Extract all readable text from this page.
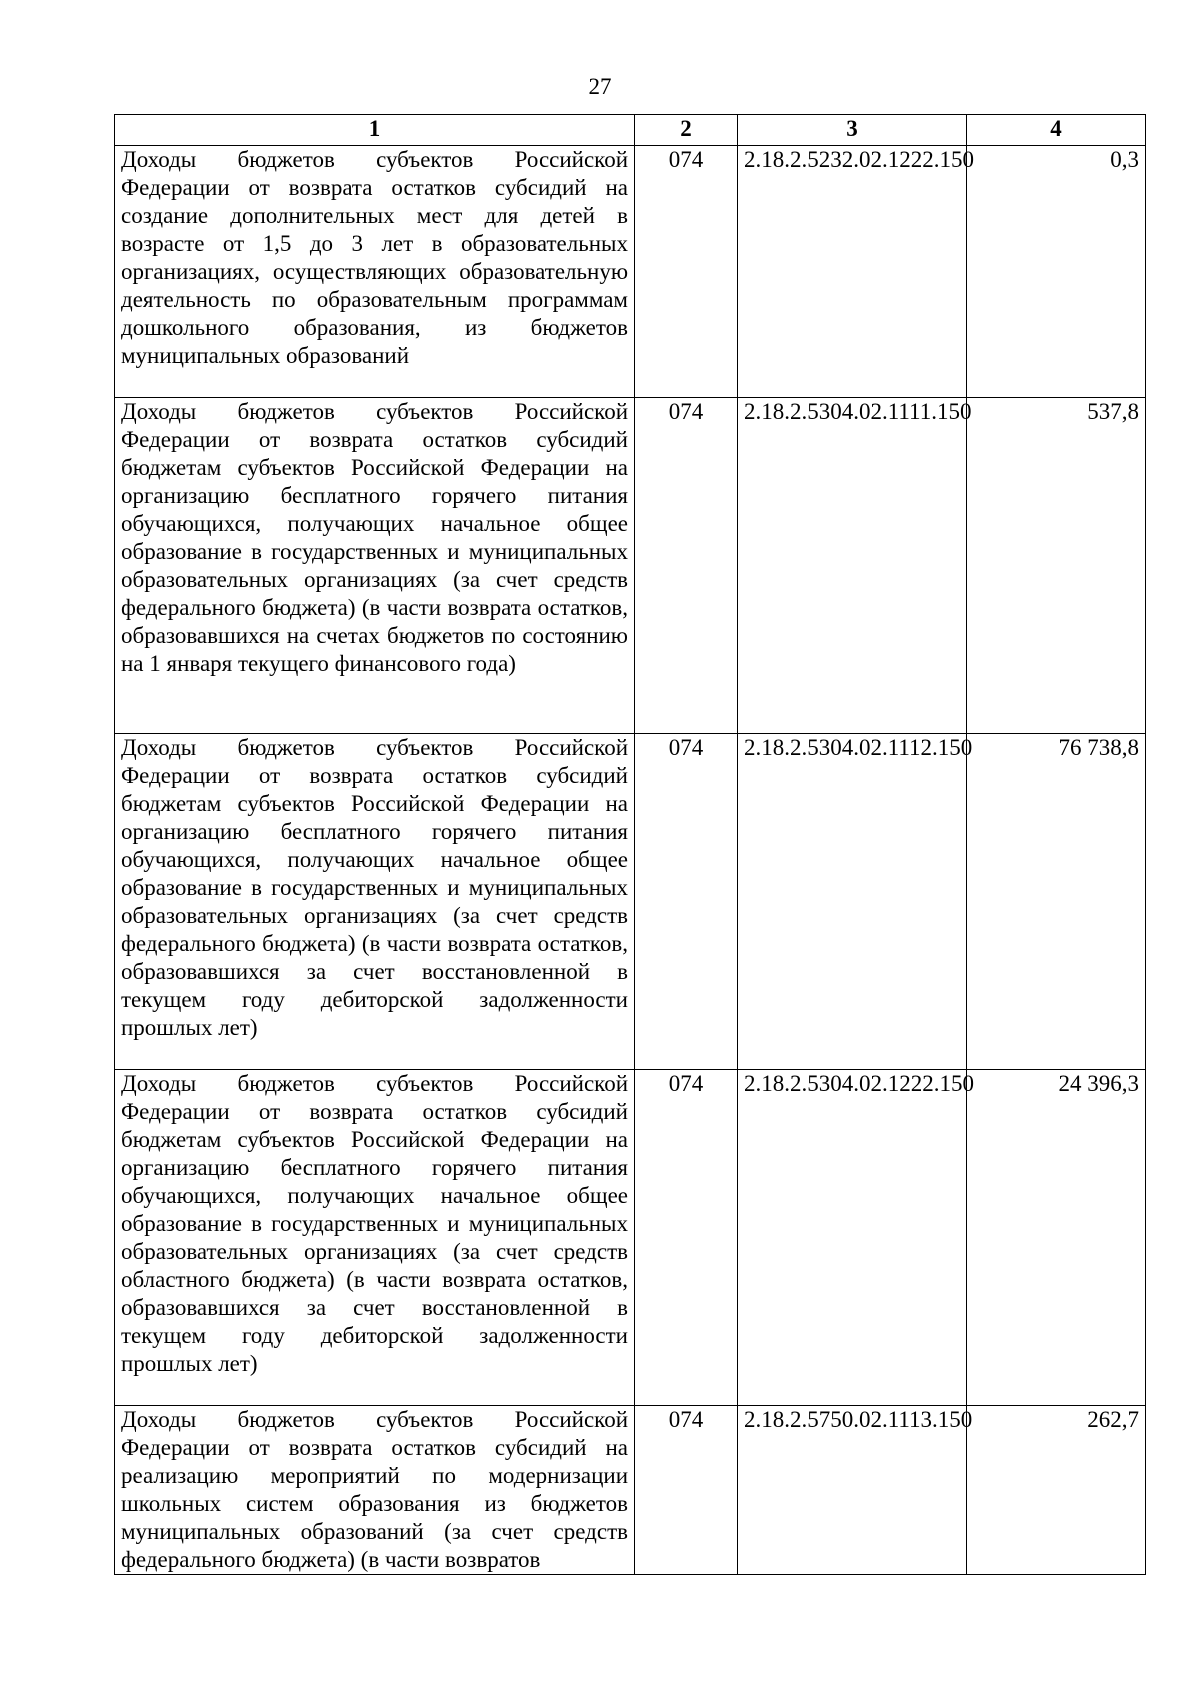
27
1	2	3	4
Доходы бюджетов субъектов Российской Федерации от возврата остатков субсидий на создание дополнительных мест для детей в возрасте от 1,5 до 3 лет в образовательных организациях, осуществляющих образовательную деятельность по образовательным программам дошкольного образования, из бюджетов муниципальных образований	074	2.18.2.5232.02.1222.150	0,3
Доходы бюджетов субъектов Российской Федерации от возврата остатков субсидий бюджетам субъектов Российской Федерации на организацию бесплатного горячего питания обучающихся, получающих начальное общее образование в государственных и муниципальных образовательных организациях (за счет средств федерального бюджета) (в части возврата остатков, образовавшихся на счетах бюджетов по состоянию на 1 января текущего финансового года)	074	2.18.2.5304.02.1111.150	537,8
Доходы бюджетов субъектов Российской Федерации от возврата остатков субсидий бюджетам субъектов Российской Федерации на организацию бесплатного горячего питания обучающихся, получающих начальное общее образование в государственных и муниципальных образовательных организациях (за счет средств федерального бюджета) (в части возврата остатков, образовавшихся за счет восстановленной в текущем году дебиторской задолженности прошлых лет)	074	2.18.2.5304.02.1112.150	76 738,8
Доходы бюджетов субъектов Российской Федерации от возврата остатков субсидий бюджетам субъектов Российской Федерации на организацию бесплатного горячего питания обучающихся, получающих начальное общее образование в государственных и муниципальных образовательных организациях (за счет средств областного бюджета) (в части возврата остатков, образовавшихся за счет восстановленной в текущем году дебиторской задолженности прошлых лет)	074	2.18.2.5304.02.1222.150	24 396,3
Доходы бюджетов субъектов Российской Федерации от возврата остатков субсидий на реализацию мероприятий по модернизации школьных систем образования из бюджетов муниципальных образований (за счет средств федерального бюджета) (в части возвратов	074	2.18.2.5750.02.1113.150	262,7
